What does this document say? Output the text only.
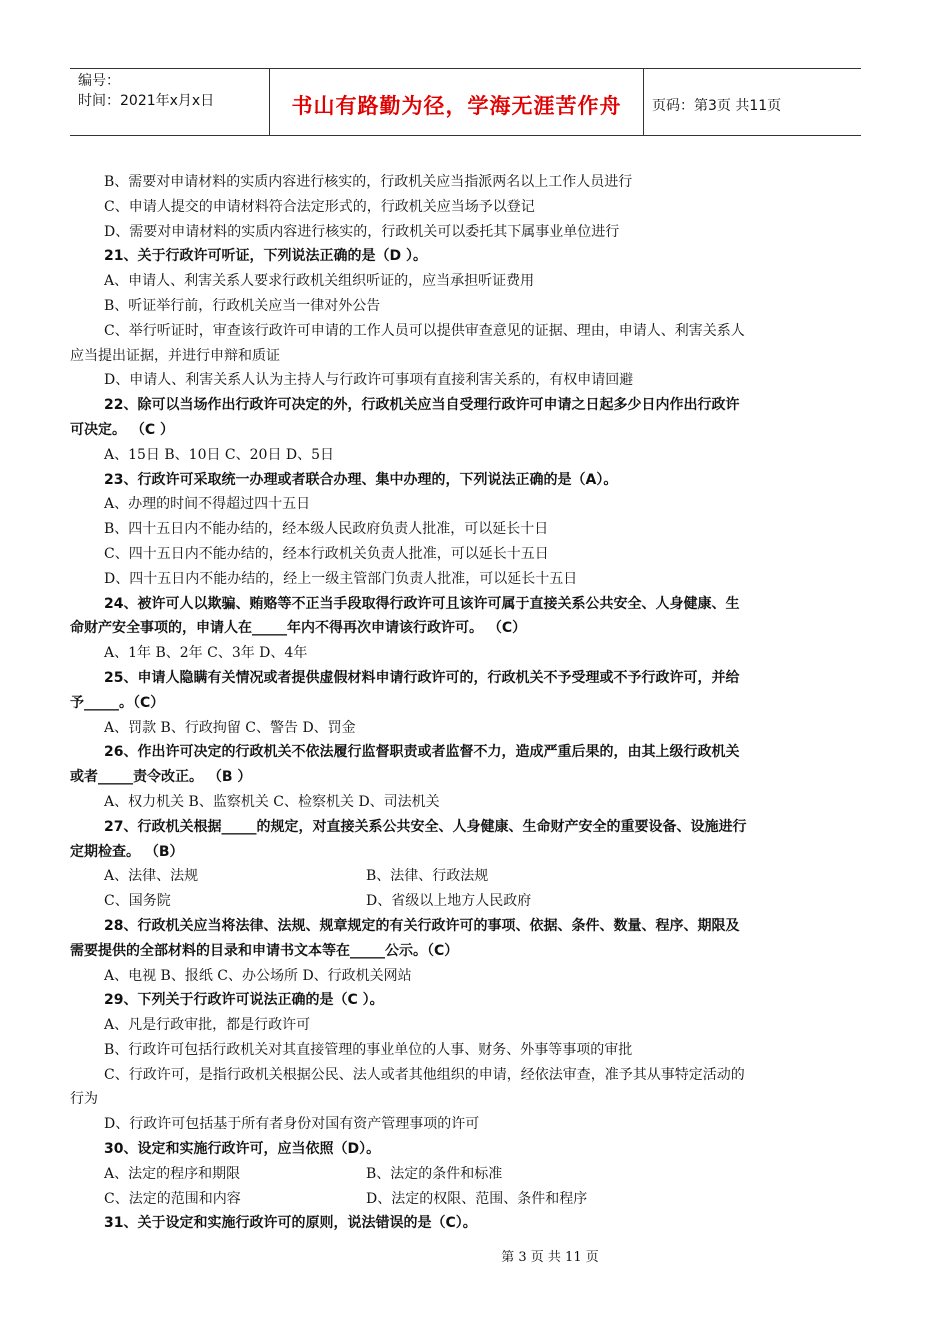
编号：
时间：2021年x月x日	书山有路勤为径，学海无涯苦作舟	页码：第3页 共11页

B、需要对申请材料的实质内容进行核实的，行政机关应当指派两名以上工作人员进行

C、申请人提交的申请材料符合法定形式的，行政机关应当场予以登记

D、需要对申请材料的实质内容进行核实的，行政机关可以委托其下属事业单位进行

21、关于行政许可听证，下列说法正确的是（D ）。

A、申请人、利害关系人要求行政机关组织听证的，应当承担听证费用

B、听证举行前，行政机关应当一律对外公告

C、举行听证时，审查该行政许可申请的工作人员可以提供审查意见的证据、理由，申请人、利害关系人

应当提出证据，并进行申辩和质证

D、申请人、利害关系人认为主持人与行政许可事项有直接利害关系的，有权申请回避

22、除可以当场作出行政许可决定的外，行政机关应当自受理行政许可申请之日起多少日内作出行政许

可决定。 （C ）

A、15日 B、10日 C、20日 D、5日

23、行政许可采取统一办理或者联合办理、集中办理的，下列说法正确的是（A）。

A、办理的时间不得超过四十五日

B、四十五日内不能办结的，经本级人民政府负责人批准，可以延长十日

C、四十五日内不能办结的，经本行政机关负责人批准，可以延长十五日

D、四十五日内不能办结的，经上一级主管部门负责人批准，可以延长十五日

24、被许可人以欺骗、贿赂等不正当手段取得行政许可且该许可属于直接关系公共安全、人身健康、生

命财产安全事项的，申请人在_____年内不得再次申请该行政许可。 （C）

A、1年 B、2年 C、3年 D、4年

25、申请人隐瞒有关情况或者提供虚假材料申请行政许可的，行政机关不予受理或不予行政许可，并给

予_____。（C）

A、罚款 B、行政拘留 C、警告 D、罚金

26、作出许可决定的行政机关不依法履行监督职责或者监督不力，造成严重后果的，由其上级行政机关

或者_____责令改正。 （B ）

A、权力机关 B、监察机关 C、检察机关 D、司法机关

27、行政机关根据_____的规定，对直接关系公共安全、人身健康、生命财产安全的重要设备、设施进行

定期检查。 （B）

A、法律、法规	B、法律、行政法规

C、国务院	D、省级以上地方人民政府

28、行政机关应当将法律、法规、规章规定的有关行政许可的事项、依据、条件、数量、程序、期限及

需要提供的全部材料的目录和申请书文本等在_____公示。（C）

A、电视 B、报纸 C、办公场所 D、行政机关网站

29、下列关于行政许可说法正确的是（C ）。

A、凡是行政审批，都是行政许可

B、行政许可包括行政机关对其直接管理的事业单位的人事、财务、外事等事项的审批

C、行政许可，是指行政机关根据公民、法人或者其他组织的申请，经依法审查，准予其从事特定活动的

行为

D、行政许可包括基于所有者身份对国有资产管理事项的许可

30、设定和实施行政许可，应当依照（D）。

A、法定的程序和期限	B、法定的条件和标准

C、法定的范围和内容	D、法定的权限、范围、条件和程序

31、关于设定和实施行政许可的原则，说法错误的是（C）。

第 3 页 共 11 页
